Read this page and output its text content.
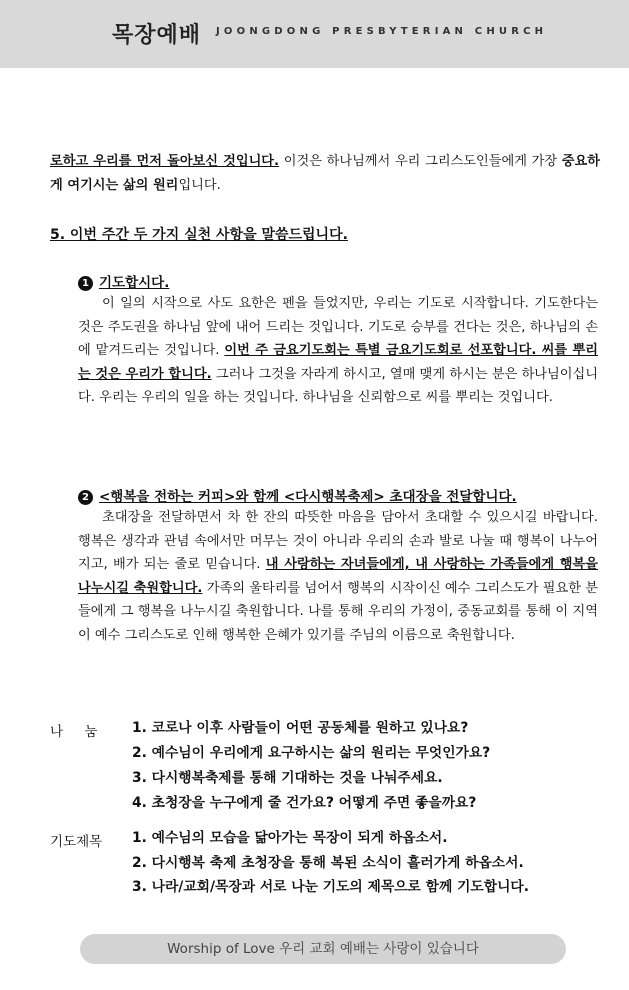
목장예배 JOONGDONG PRESBYTERIAN CHURCH
로하고 우리를 먼저 돌아보신 것입니다. 이것은 하나님께서 우리 그리스도인들에게 가장 중요하게 여기시는 삶의 원리입니다.
5. 이번 주간 두 가지 실천 사항을 말씀드립니다.
1 기도합시다.
이 일의 시작으로 사도 요한은 펜을 들었지만, 우리는 기도로 시작합니다. 기도한다는 것은 주도권을 하나님 앞에 내어 드리는 것입니다. 기도로 승부를 건다는 것은, 하나님의 손에 맡겨드리는 것입니다. 이번 주 금요기도회는 특별 금요기도회로 선포합니다. 씨를 뿌리는 것은 우리가 합니다. 그러나 그것을 자라게 하시고, 열매 맺게 하시는 분은 하나님이십니다. 우리는 우리의 일을 하는 것입니다. 하나님을 신뢰함으로 씨를 뿌리는 것입니다.
2 <행복을 전하는 커피>와 함께 <다시행복축제> 초대장을 전달합니다.
초대장을 전달하면서 차 한 잔의 따뜻한 마음을 담아서 초대할 수 있으시길 바랍니다. 행복은 생각과 관념 속에서만 머무는 것이 아니라 우리의 손과 발로 나눌 때 행복이 나누어지고, 배가 되는 줄로 믿습니다. 내 사랑하는 자녀들에게, 내 사랑하는 가족들에게 행복을 나누시길 축원합니다. 가족의 울타리를 넘어서 행복의 시작이신 예수 그리스도가 필요한 분들에게 그 행복을 나누시길 축원합니다. 나를 통해 우리의 가정이, 중동교회를 통해 이 지역이 예수 그리스도로 인해 행복한 은혜가 있기를 주님의 이름으로 축원합니다.
나     눔 1. 코로나 이후 사람들이 어떤 공동체를 원하고 있나요?
2. 예수님이 우리에게 요구하시는 삶의 원리는 무엇인가요?
3. 다시행복축제를 통해 기대하는 것을 나눠주세요.
4. 초청장을 누구에게 줄 건가요? 어떻게 주면 좋을까요?
기도제목 1. 예수님의 모습을 닮아가는 목장이 되게 하옵소서.
2. 다시행복 축제 초청장을 통해 복된 소식이 흘러가게 하옵소서.
3. 나라/교회/목장과 서로 나눈 기도의 제목으로 함께 기도합니다.
Worship of Love 우리 교회 예배는 사랑이 있습니다
